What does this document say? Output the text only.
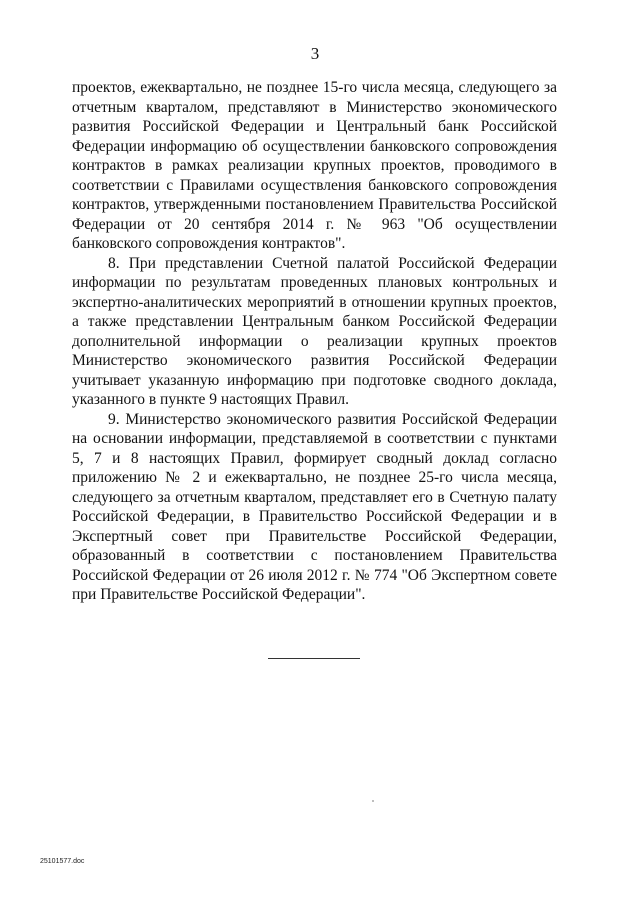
3

проектов, ежеквартально, не позднее 15-го числа месяца, следующего за отчетным кварталом, представляют в Министерство экономического развития Российской Федерации и Центральный банк Российской Федерации информацию об осуществлении банковского сопровождения контрактов в рамках реализации крупных проектов, проводимого в соответствии с Правилами осуществления банковского сопровождения контрактов, утвержденными постановлением Правительства Российской Федерации от 20 сентября 2014 г. № 963 "Об осуществлении банковского сопровождения контрактов".

8. При представлении Счетной палатой Российской Федерации информации по результатам проведенных плановых контрольных и экспертно-аналитических мероприятий в отношении крупных проектов, а также представлении Центральным банком Российской Федерации дополнительной информации о реализации крупных проектов Министерство экономического развития Российской Федерации учитывает указанную информацию при подготовке сводного доклада, указанного в пункте 9 настоящих Правил.

9. Министерство экономического развития Российской Федерации на основании информации, представляемой в соответствии с пунктами 5, 7 и 8 настоящих Правил, формирует сводный доклад согласно приложению № 2 и ежеквартально, не позднее 25-го числа месяца, следующего за отчетным кварталом, представляет его в Счетную палату Российской Федерации, в Правительство Российской Федерации и в Экспертный совет при Правительстве Российской Федерации, образованный в соответствии с постановлением Правительства Российской Федерации от 26 июля 2012 г. № 774 "Об Экспертном совете при Правительстве Российской Федерации".

25101577.doc
